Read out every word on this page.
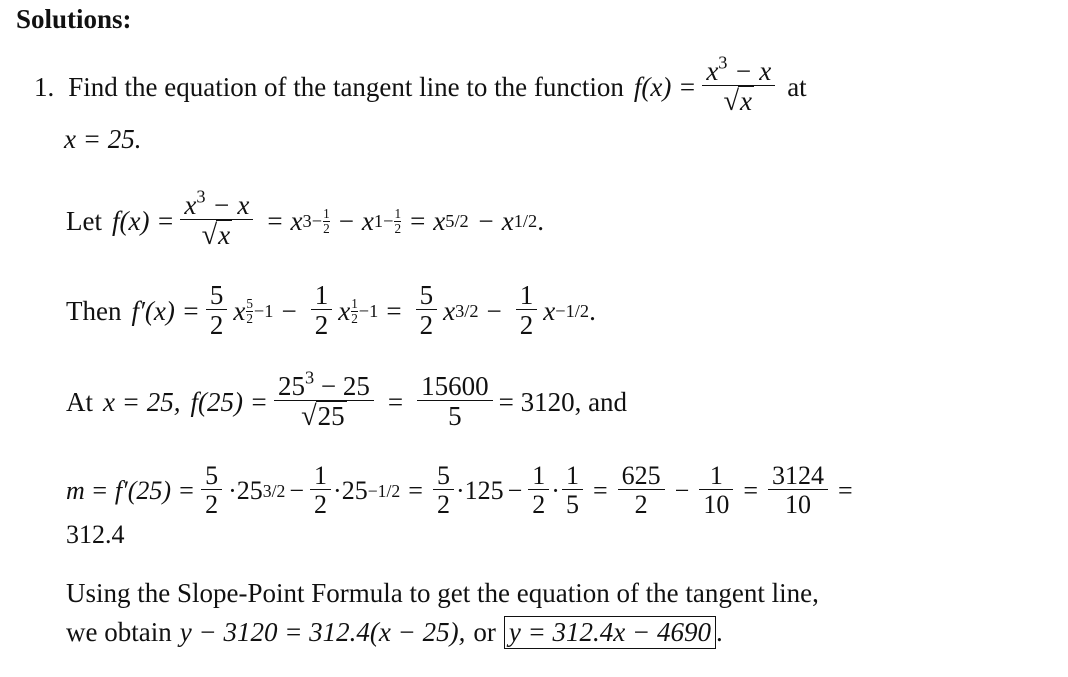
Solutions:
1. Find the equation of the tangent line to the function $f(x) = \frac{x^3 - x}{√ x}$ at
x = 25.
Let $f(x) = \frac{x^3 - x}{√ x} = x$ 3− 1
2 − x 1− 1
2 = x 5/2 − x 1/2 .
Then $f'(x) = \frac{5}{2}$ x 5
$2 -1 - \frac{1}{2}$ x 1
$2 -1 = \frac{5}{2}$ x $3/2 - \frac{1}{2}$ x −1/2 .
At x = 25, $f(25) = \frac{25^3 - 25}{√ 25} = \frac{15600}{5} = 3120$, and
$m = f'(25) = \frac{5}{2} \cdot 25$ $3/2 - \frac{1}{2} \cdot 25 -1/2 = \frac{5}{2} \cdot 125 - \frac{1}{2} \cdot \frac{1}{5} = \frac{625}{2} - \frac{1}{10} = \frac{3124}{10}$ =
312.4
Using the Slope-Point Formula to get the equation of the tangent line,
we obtain y − 3120 = 312.4(x − 25), or y = 312.4x − 4690 .
